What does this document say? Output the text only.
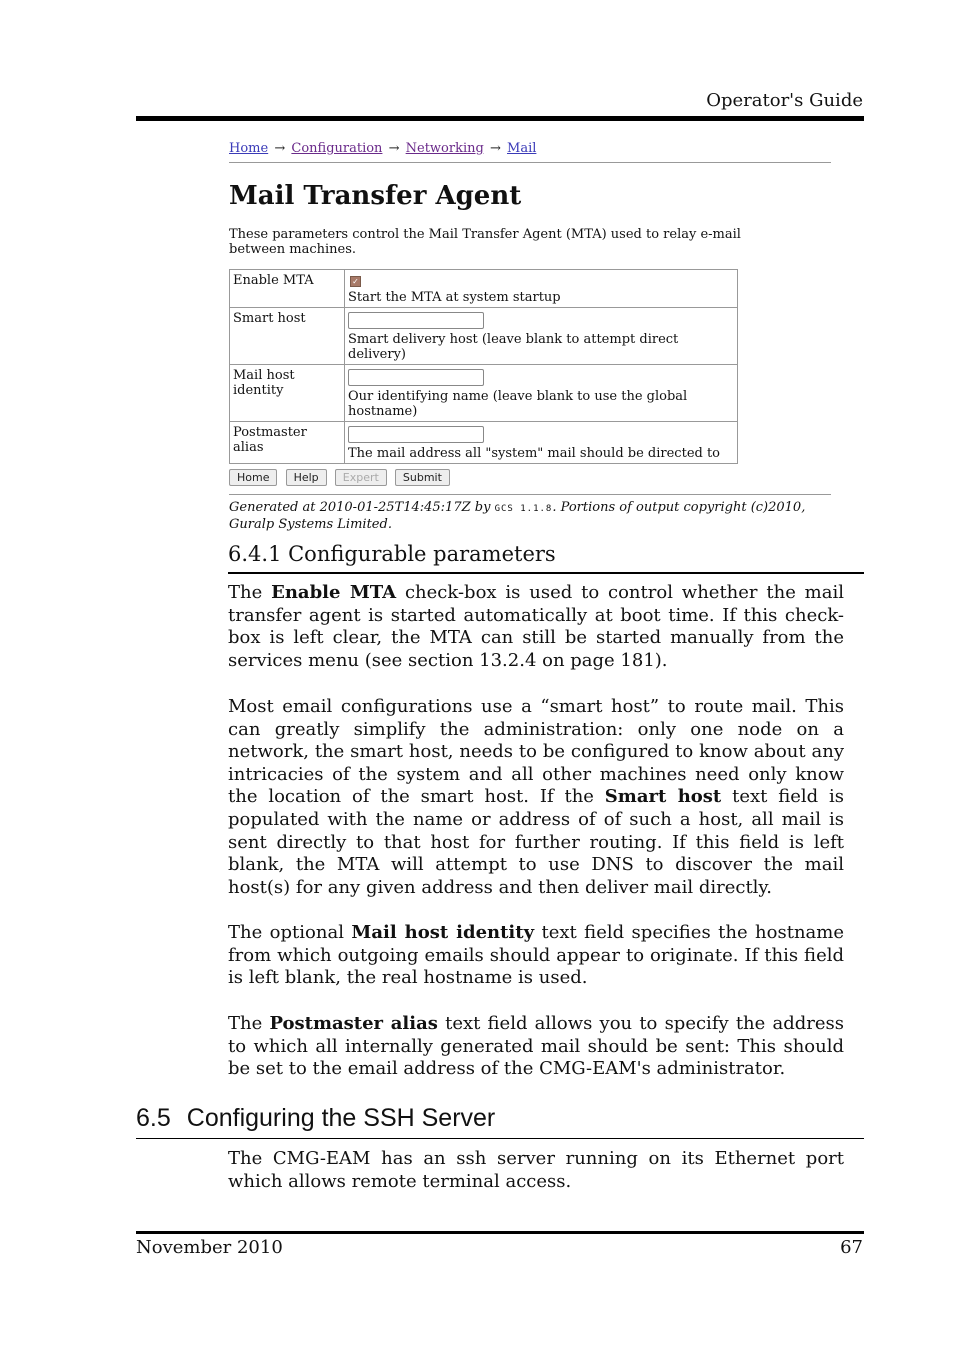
Operator's Guide
Home → Configuration → Networking → Mail
Mail Transfer Agent
These parameters control the Mail Transfer Agent (MTA) used to relay e-mail between machines.
Enable MTA	✓
Start the MTA at system startup
Smart host	Smart delivery host (leave blank to attempt direct delivery)
Mail host identity	Our identifying name (leave blank to use the global hostname)
Postmaster alias	The mail address all "system" mail should be directed to
Home Help Expert Submit
Generated at 2010-01-25T14:45:17Z by GCS 1.1.8. Portions of output copyright (c)2010, Guralp Systems Limited.
6.4.1 Configurable parameters
The Enable MTA check-box is used to control whether the mail transfer agent is started automatically at boot time. If this check-box is left clear, the MTA can still be started manually from the services menu (see section 13.2.4 on page 181).
Most email configurations use a “smart host” to route mail. This can greatly simplify the administration: only one node on a network, the smart host, needs to be configured to know about any intricacies of the system and all other machines need only know the location of the smart host. If the Smart host text field is populated with the name or address of of such a host, all mail is sent directly to that host for further routing. If this field is left blank, the MTA will attempt to use DNS to discover the mail host(s) for any given address and then deliver mail directly.
The optional Mail host identity text field specifies the hostname from which outgoing emails should appear to originate. If this field is left blank, the real hostname is used.
The Postmaster alias text field allows you to specify the address to which all internally generated mail should be sent: This should be set to the email address of the CMG-EAM's administrator.
6.5 Configuring the SSH Server
The CMG-EAM has an ssh server running on its Ethernet port which allows remote terminal access.
November 2010	67
